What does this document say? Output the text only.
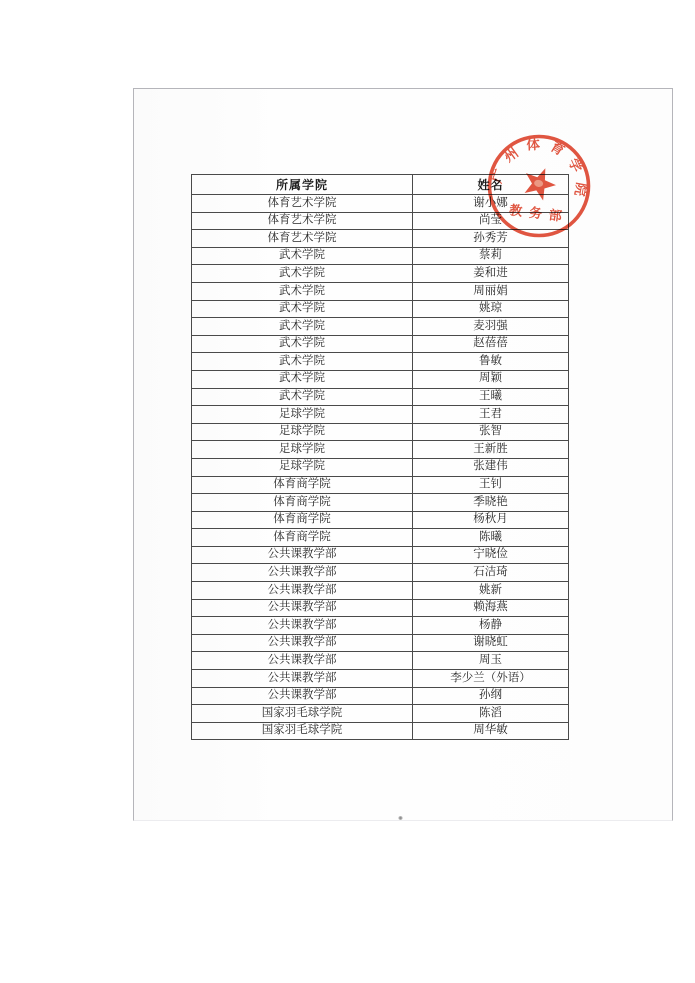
所属学院	姓名
体育艺术学院	谢小娜
体育艺术学院	尚莹
体育艺术学院	孙秀芳
武术学院	蔡莉
武术学院	姜和进
武术学院	周丽娟
武术学院	姚琼
武术学院	麦羽强
武术学院	赵蓓蓓
武术学院	鲁敏
武术学院	周颖
武术学院	王曦
足球学院	王君
足球学院	张智
足球学院	王新胜
足球学院	张建伟
体育商学院	王钊
体育商学院	季晓艳
体育商学院	杨秋月
体育商学院	陈曦
公共课教学部	宁晓俭
公共课教学部	石洁琦
公共课教学部	姚新
公共课教学部	赖海燕
公共课教学部	杨静
公共课教学部	谢晓虹
公共课教学部	周玉
公共课教学部	李少兰（外语）
公共课教学部	孙纲
国家羽毛球学院	陈滔
国家羽毛球学院	周华敏
广州体育学院
教务部
